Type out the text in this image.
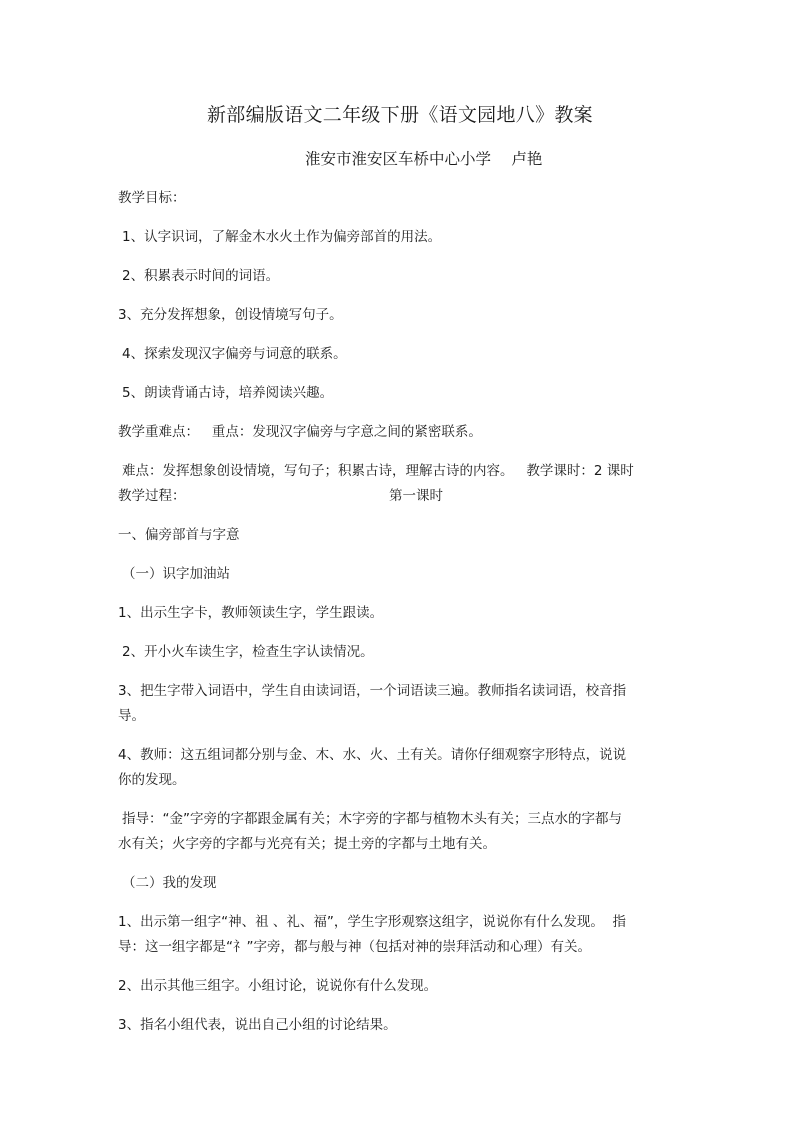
新部编版语文二年级下册《语文园地八》教案
淮安市淮安区车桥中心小学　 卢艳
教学目标：
1、认字识词，了解金木水火土作为偏旁部首的用法。
2、积累表示时间的词语。
3、充分发挥想象，创设情境写句子。
4、探索发现汉字偏旁与词意的联系。
5、朗读背诵古诗，培养阅读兴趣。
教学重难点：   重点：发现汉字偏旁与字意之间的紧密联系。
难点：发挥想象创设情境，写句子；积累古诗，理解古诗的内容。   教学课时：2 课时
教学过程：	第一课时
一、偏旁部首与字意
（一）识字加油站
1、出示生字卡，教师领读生字，学生跟读。
2、开小火车读生字，检查生字认读情况。
3、把生字带入词语中，学生自由读词语，一个词语读三遍。教师指名读词语，校音指
导。
4、教师：这五组词都分别与金、木、水、火、土有关。请你仔细观察字形特点，说说
你的发现。
指导：“金”字旁的字都跟金属有关；木字旁的字都与植物木头有关；三点水的字都与
水有关；火字旁的字都与光亮有关；提土旁的字都与土地有关。
（二）我的发现
1、出示第一组字“神、祖 、礼、福”，学生字形观察这组字，说说你有什么发现。  指
导：这一组字都是“礻”字旁，都与般与神（包括对神的崇拜活动和心理）有关。
2、出示其他三组字。小组讨论，说说你有什么发现。
3、指名小组代表，说出自己小组的讨论结果。
